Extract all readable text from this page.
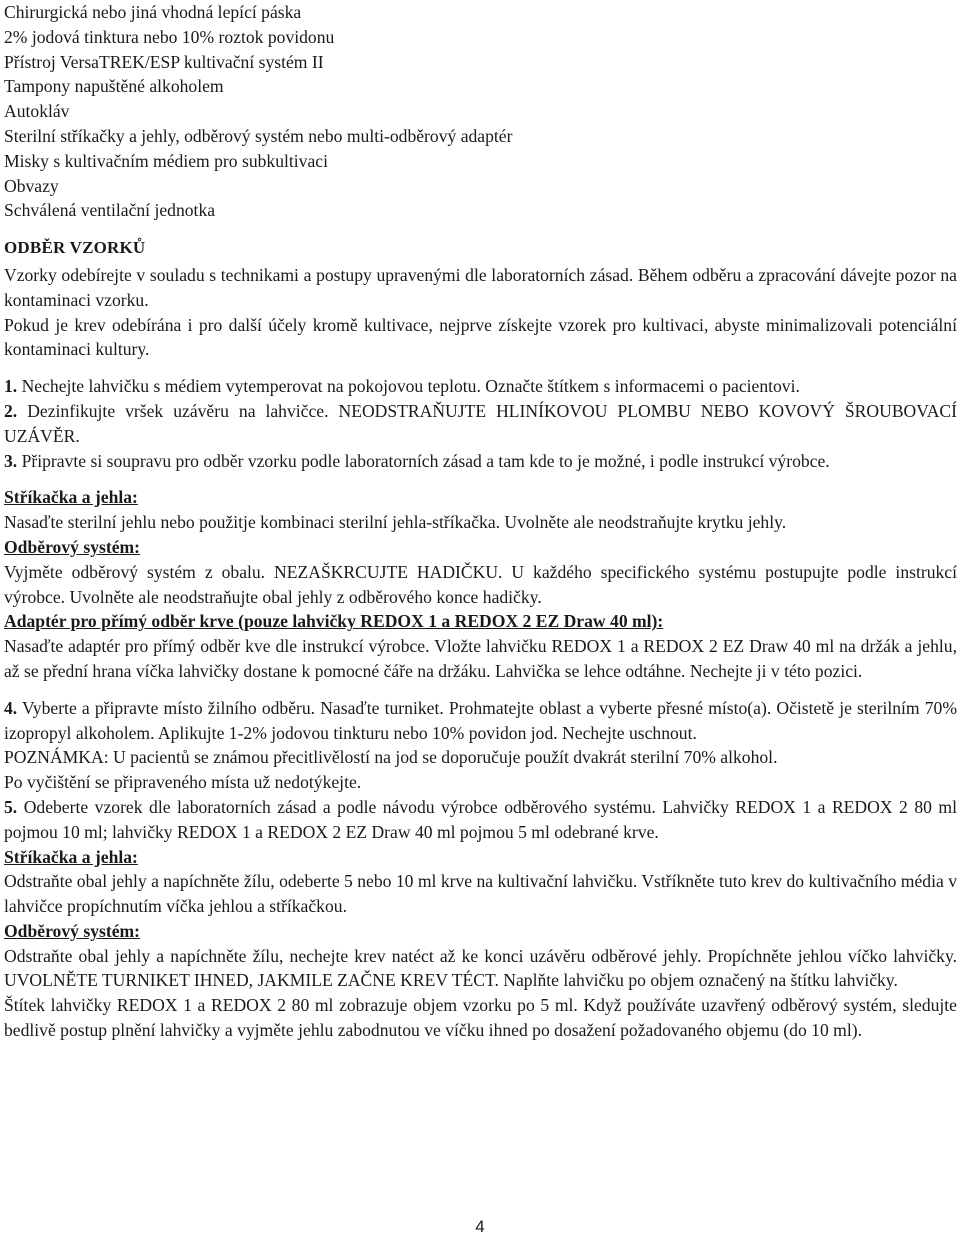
Chirurgická nebo jiná vhodná lepící páska

2% jodová tinktura nebo 10% roztok povidonu

Přístroj VersaTREK/ESP kultivační systém II

Tampony napuštěné alkoholem

Autokláv

Sterilní stříkačky a jehly, odběrový systém nebo multi-odběrový adaptér

Misky s kultivačním médiem pro subkultivaci

Obvazy

Schválená ventilační jednotka

ODBĚR VZORKŮ

Vzorky odebírejte v souladu s technikami a postupy upravenými dle laboratorních zásad. Během odběru a zpracování dávejte pozor na kontaminaci vzorku.

Pokud je krev odebírána i pro další účely kromě kultivace, nejprve získejte vzorek pro kultivaci, abyste minimalizovali potenciální kontaminaci kultury.

1. Nechejte lahvičku s médiem vytemperovat na pokojovou teplotu. Označte štítkem s informacemi o pacientovi.

2. Dezinfikujte vršek uzávěru na lahvičce. NEODSTRAŇUJTE HLINÍKOVOU PLOMBU NEBO KOVOVÝ ŠROUBOVACÍ UZÁVĚR.

3. Připravte si soupravu pro odběr vzorku podle laboratorních zásad a tam kde to je možné, i podle instrukcí výrobce.

Stříkačka a jehla:

Nasaďte sterilní jehlu nebo použitje kombinaci sterilní jehla-stříkačka. Uvolněte ale neodstraňujte krytku jehly.

Odběrový systém:

Vyjměte odběrový systém z obalu. NEZAŠKRCUJTE HADIČKU. U každého specifického systému postupujte podle instrukcí výrobce. Uvolněte ale neodstraňujte obal jehly z odběrového konce hadičky.

Adaptér pro přímý odběr krve (pouze lahvičky REDOX 1 a REDOX 2 EZ Draw 40 ml):

Nasaďte adaptér pro přímý odběr kve dle instrukcí výrobce. Vložte lahvičku REDOX 1 a REDOX 2 EZ Draw 40 ml na držák a jehlu, až se přední hrana víčka lahvičky dostane k pomocné čáře na držáku. Lahvička se lehce odtáhne. Nechejte ji v této pozici.

4. Vyberte a připravte místo žilního odběru. Nasaďte turniket. Prohmatejte oblast a vyberte přesné místo(a). Očistetě je sterilním 70% izopropyl alkoholem. Aplikujte 1-2% jodovou tinkturu nebo 10% povidon jod. Nechejte uschnout.

POZNÁMKA: U pacientů se známou přecitlivělostí na jod se doporučuje použít dvakrát sterilní 70% alkohol.

Po vyčištění se připraveného místa už nedotýkejte.

5. Odeberte vzorek dle laboratorních zásad a podle návodu výrobce odběrového systému. Lahvičky REDOX 1 a REDOX 2 80 ml pojmou 10 ml; lahvičky REDOX 1 a REDOX 2 EZ Draw 40 ml pojmou 5 ml odebrané krve.

Stříkačka a jehla:

Odstraňte obal jehly a napíchněte žílu, odeberte 5 nebo 10 ml krve na kultivační lahvičku. Vstříkněte tuto krev do kultivačního média v lahvičce propíchnutím víčka jehlou a stříkačkou.

Odběrový systém:

Odstraňte obal jehly a napíchněte žílu, nechejte krev natéct až ke konci uzávěru odběrové jehly. Propíchněte jehlou víčko lahvičky. UVOLNĚTE TURNIKET IHNED, JAKMILE ZAČNE KREV TÉCT. Naplňte lahvičku po objem označený na štítku lahvičky.

Štítek lahvičky REDOX 1 a REDOX 2 80 ml zobrazuje objem vzorku po 5 ml. Když používáte uzavřený odběrový systém, sledujte bedlivě postup plnění lahvičky a vyjměte jehlu zabodnutou ve víčku ihned po dosažení požadovaného objemu (do 10 ml).

4
